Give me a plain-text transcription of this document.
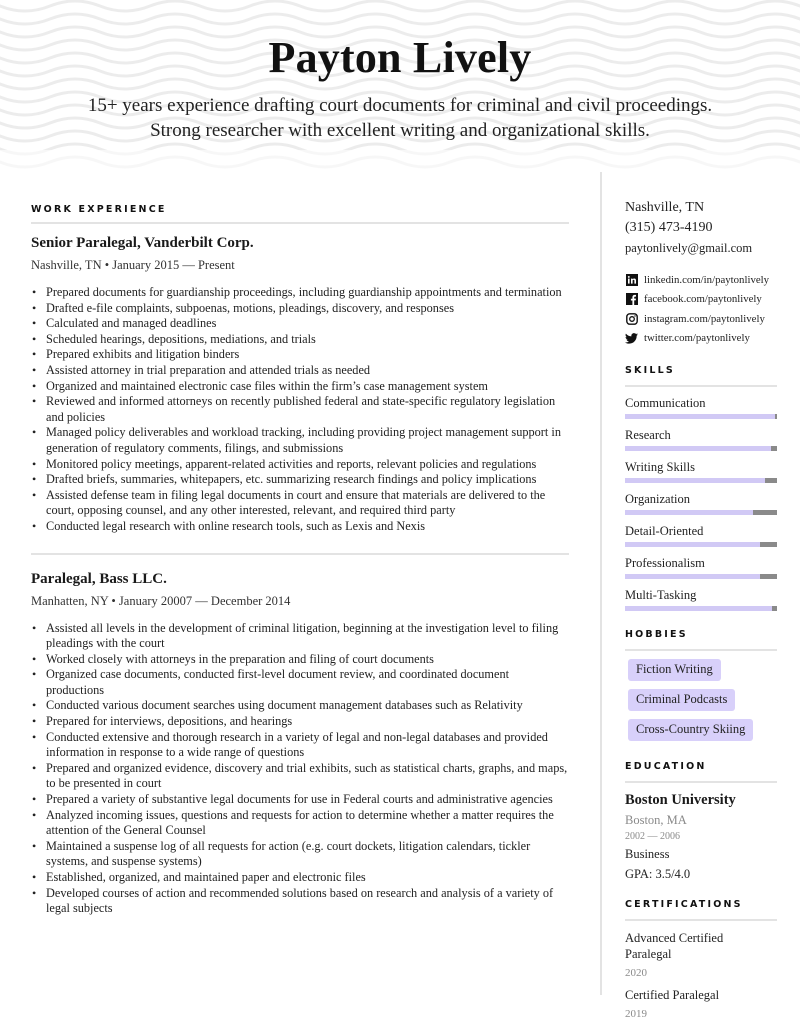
Payton Lively
15+ years experience drafting court documents for criminal and civil proceedings.
Strong researcher with excellent writing and organizational skills.
WORK EXPERIENCE
Senior Paralegal, Vanderbilt Corp.
Nashville, TN • January 2015 — Present
• Prepared documents for guardianship proceedings, including guardianship appointments and termination
• Drafted e-file complaints, subpoenas, motions, pleadings, discovery, and responses
• Calculated and managed deadlines
• Scheduled hearings, depositions, mediations, and trials
• Prepared exhibits and litigation binders
• Assisted attorney in trial preparation and attended trials as needed
• Organized and maintained electronic case files within the firm’s case management system
• Reviewed and informed attorneys on recently published federal and state-specific regulatory legislation and policies
• Managed policy deliverables and workload tracking, including providing project management support in generation of regulatory comments, filings, and submissions
• Monitored policy meetings, apparent-related activities and reports, relevant policies and regulations
• Drafted briefs, summaries, whitepapers, etc. summarizing research findings and policy implications
• Assisted defense team in filing legal documents in court and ensure that materials are delivered to the court, opposing counsel, and any other interested, relevant, and required third party
• Conducted legal research with online research tools, such as Lexis and Nexis
Paralegal, Bass LLC.
Manhatten, NY • January 20007 — December 2014
• Assisted all levels in the development of criminal litigation, beginning at the investigation level to filing pleadings with the court
• Worked closely with attorneys in the preparation and filing of court documents
• Organized case documents, conducted first-level document review, and coordinated document productions
• Conducted various document searches using document management databases such as Relativity
• Prepared for interviews, depositions, and hearings
• Conducted extensive and thorough research in a variety of legal and non-legal databases and provided information in response to a wide range of questions
• Prepared and organized evidence, discovery and trial exhibits, such as statistical charts, graphs, and maps, to be presented in court
• Prepared a variety of substantive legal documents for use in Federal courts and administrative agencies
• Analyzed incoming issues, questions and requests for action to determine whether a matter requires the attention of the General Counsel
• Maintained a suspense log of all requests for action (e.g. court dockets, litigation calendars, tickler systems, and suspense systems)
• Established, organized, and maintained paper and electronic files
• Developed courses of action and recommended solutions based on research and analysis of a variety of legal subjects
Nashville, TN
(315) 473-4190
paytonlively@gmail.com
linkedin.com/in/paytonlively
facebook.com/paytonlively
instagram.com/paytonlively
twitter.com/paytonlively
SKILLS
Communication
Research
Writing Skills
Organization
Detail-Oriented
Professionalism
Multi-Tasking
HOBBIES
Fiction Writing
Criminal Podcasts
Cross-Country Skiing
EDUCATION
Boston University
Boston, MA
2002 — 2006
Business
GPA: 3.5/4.0
CERTIFICATIONS
Advanced Certified Paralegal
2020
Certified Paralegal
2019
